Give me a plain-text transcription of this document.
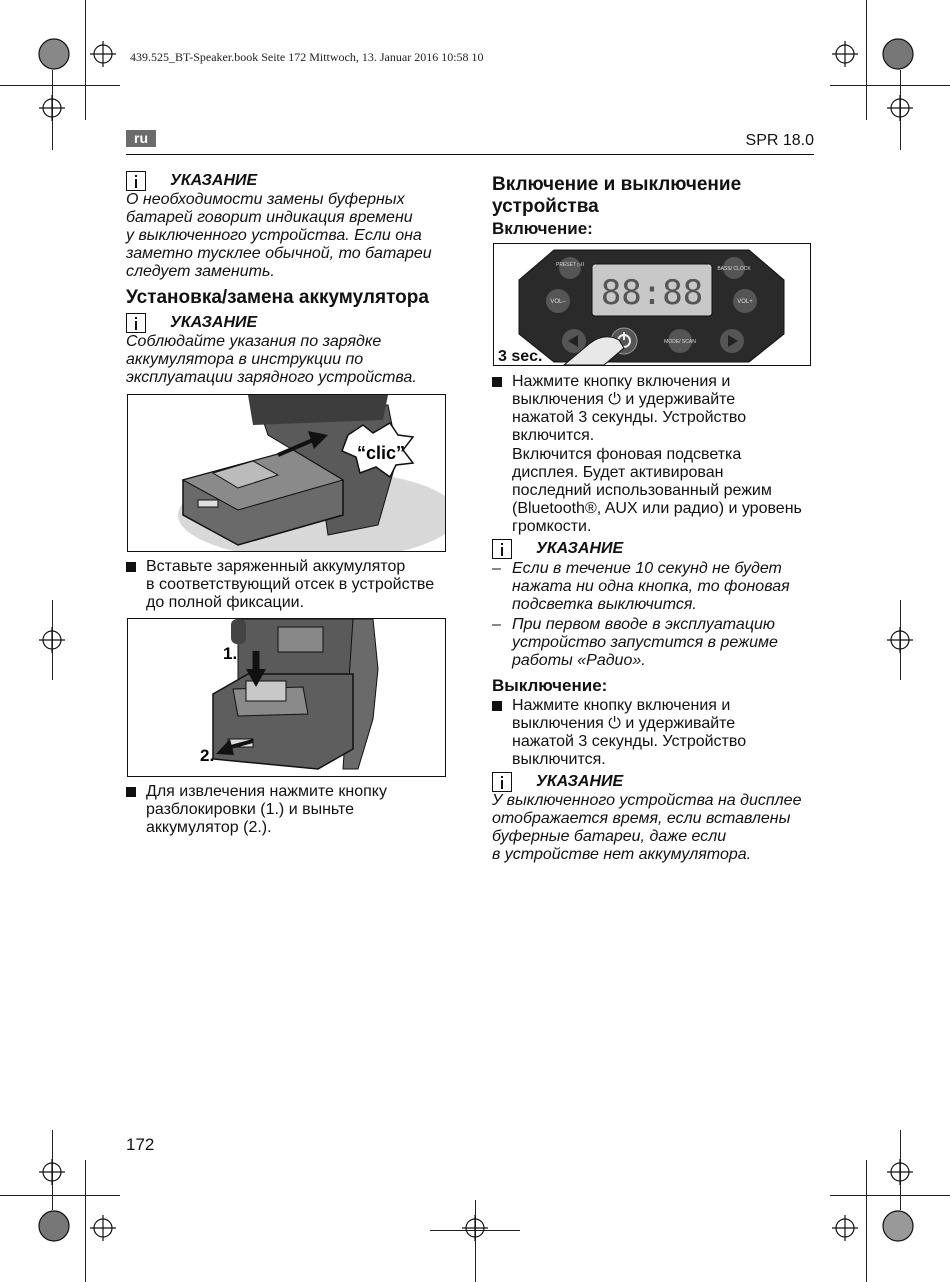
439.525_BT-Speaker.book Seite 172 Mittwoch, 13. Januar 2016 10:58 10
ru	SPR 18.0
УКАЗАНИЕ
О необходимости замены буферных
батарей говорит индикация времени
у выключенного устройства. Если она
заметно тусклее обычной, то батареи
следует заменить.
Установка/замена аккумулятора
УКАЗАНИЕ
Соблюдайте указания по зарядке
аккумулятора в инструкции по
эксплуатации зарядного устройства.
“clic”
Вставьте заряженный аккумулятор
в соответствующий отсек в устройстве
до полной фиксации.
1.
2.
Для извлечения нажмите кнопку
разблокировки (1.) и выньте
аккумулятор (2.).
Включение и выключение
устройства
Включение:
88:88
PRESET ▷II
BASS/ CLOCK
VOL–	VOL+
MODE/ SCAN
3 sec.
Нажмите кнопку включения и
выключения ⏻ и удерживайте
нажатой 3 секунды. Устройство
включится.
Включится фоновая подсветка
дисплея. Будет активирован
последний использованный режим
(Bluetooth®, AUX или радио) и уровень
громкости.
УКАЗАНИЕ
– Если в течение 10 секунд не будет
нажата ни одна кнопка, то фоновая
подсветка выключится.
– При первом вводе в эксплуатацию
устройство запустится в режиме
работы «Радио».
Выключение:
Нажмите кнопку включения и
выключения ⏻ и удерживайте
нажатой 3 секунды. Устройство
выключится.
УКАЗАНИЕ
У выключенного устройства на дисплее
отображается время, если вставлены
буферные батареи, даже если
в устройстве нет аккумулятора.
172
